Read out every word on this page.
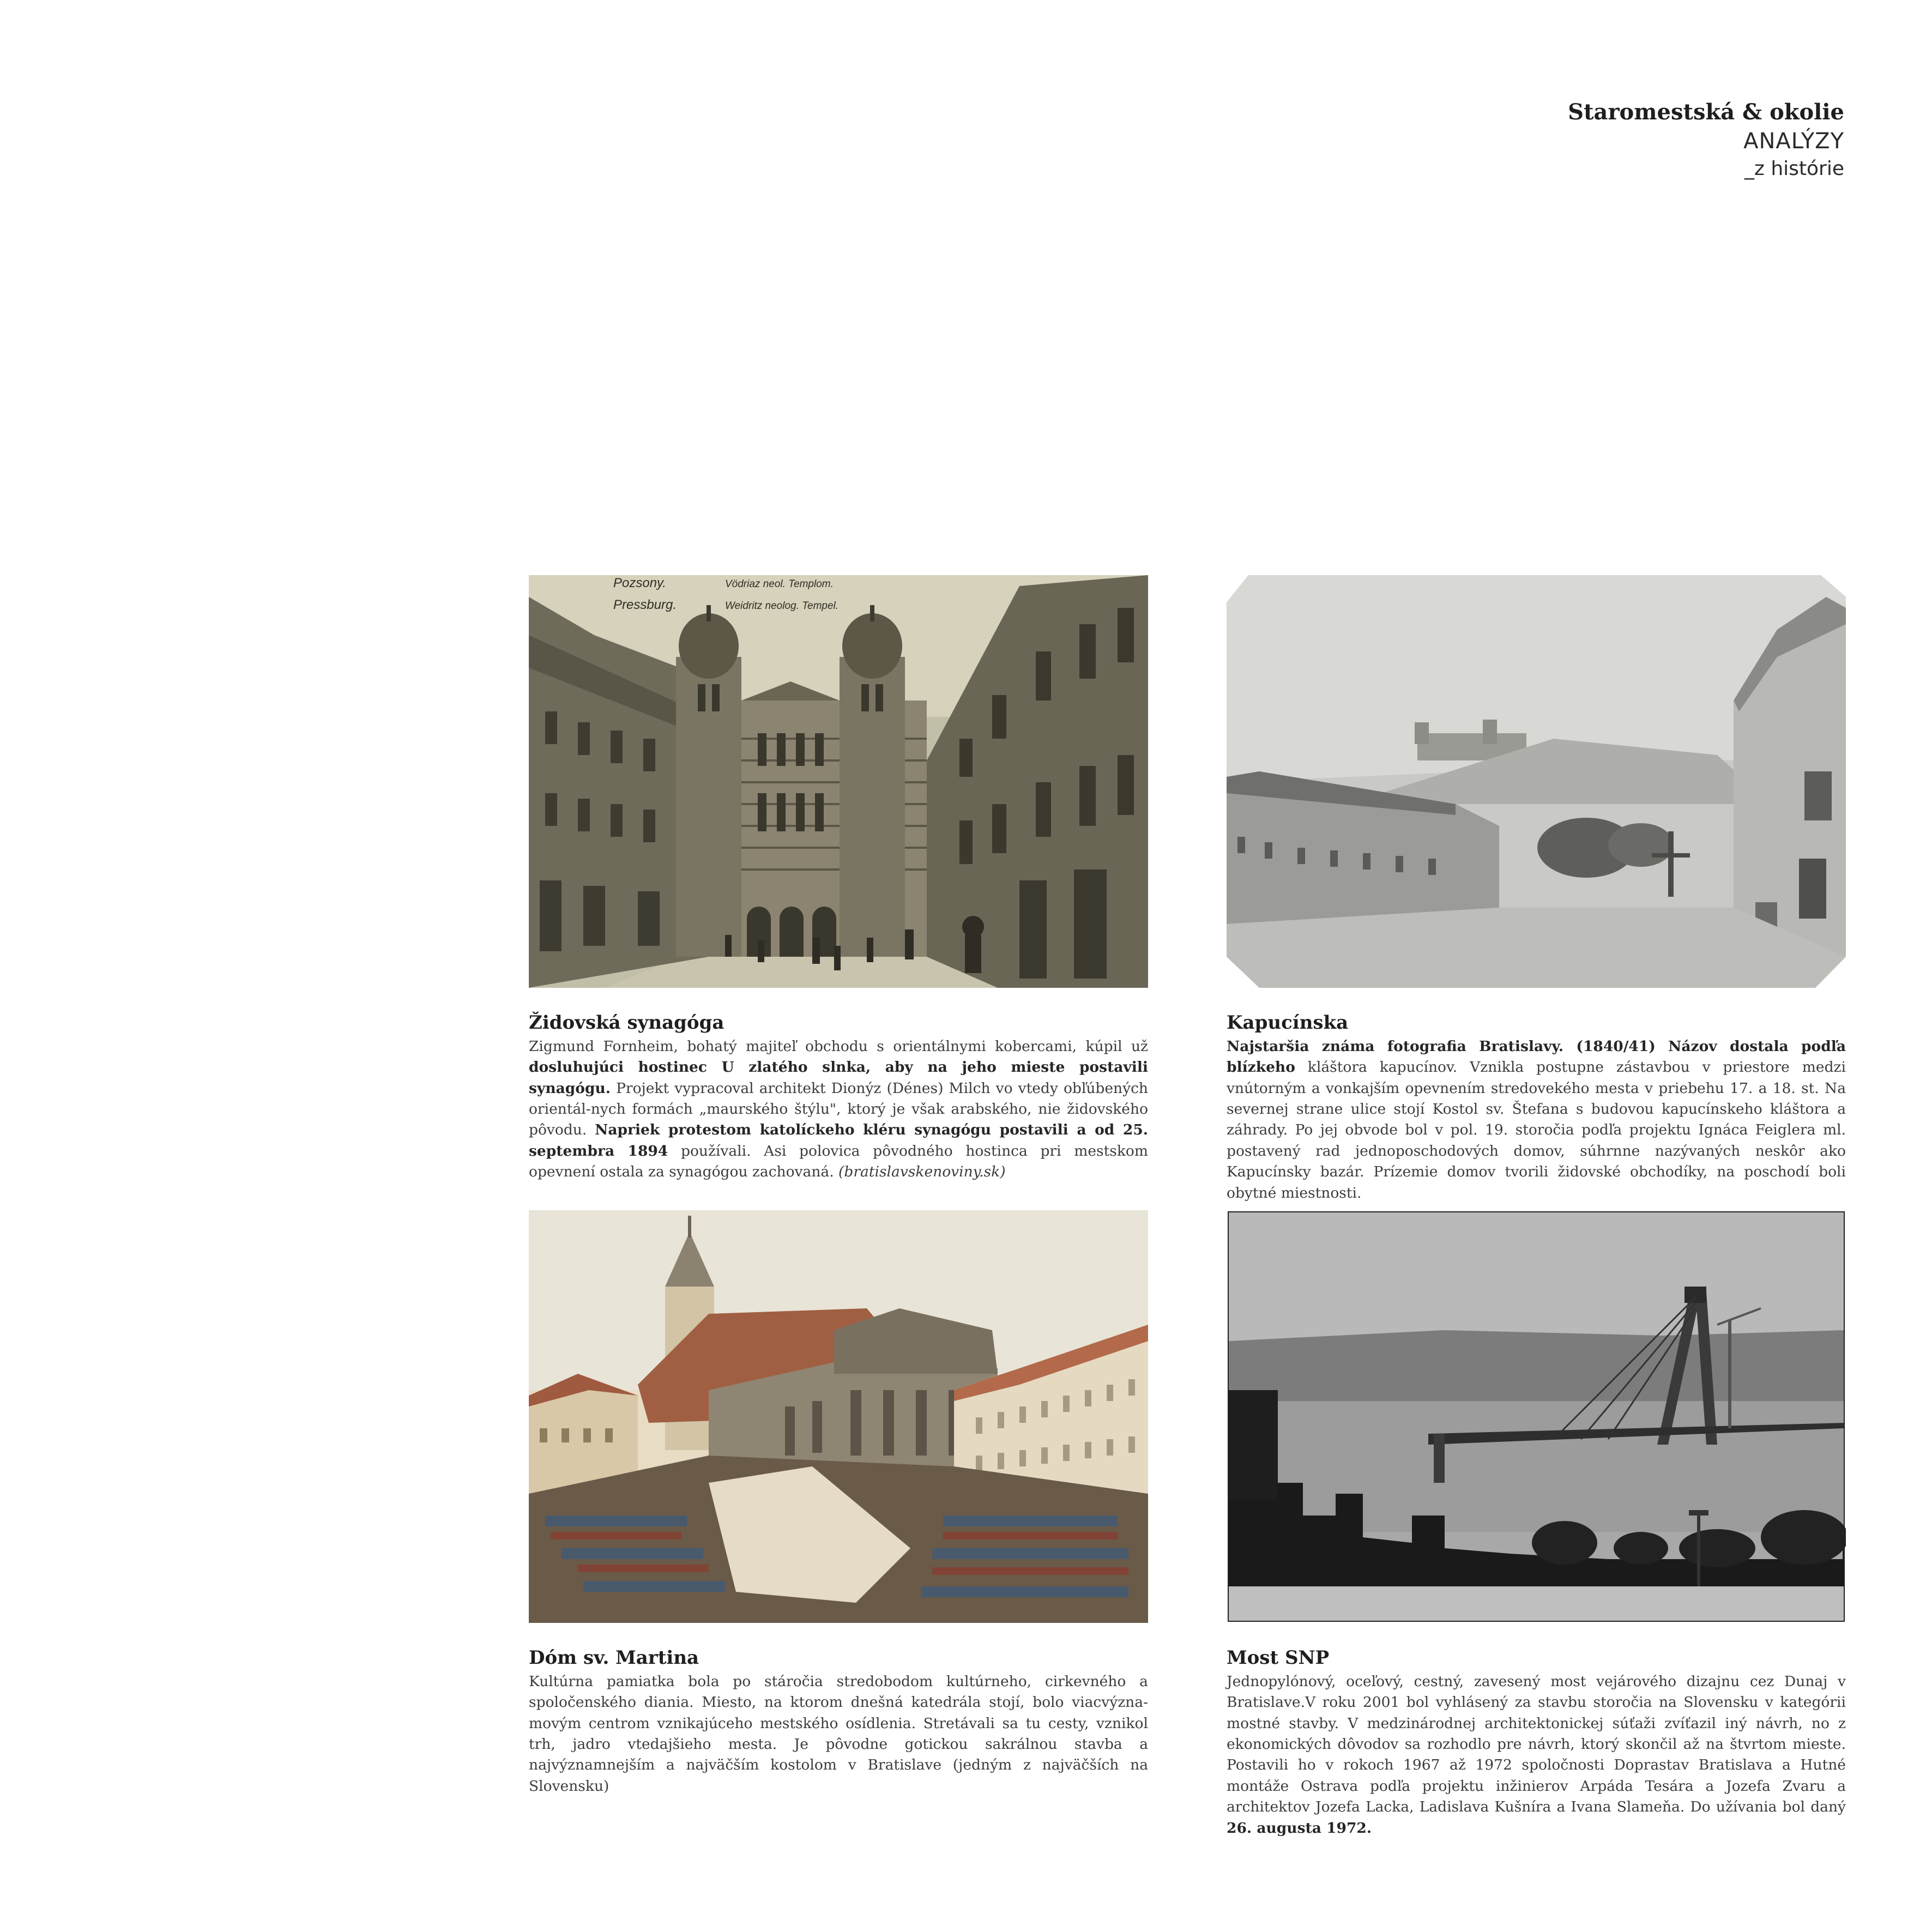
Staromestská & okolie
ANALÝZY
_z histórie
Pozsony.
Pressburg.
Vödriaz neol. Templom.
Weidritz neolog. Tempel.
Židovská synagóga

Zigmund Fornheim, bohatý majiteľ obchodu s orientálnymi kobercami, kúpil už dosluhujúci hostinec U zlatého slnka, aby na jeho mieste postavili synagógu. Projekt vypracoval architekt Dionýz (Dénes) Milch vo vtedy obľúbených orientál-nych formách „maurského štýlu", ktorý je však arabského, nie židovského pôvodu. Napriek protestom katolíckeho kléru synagógu postavili a od 25. septembra 1894 používali. Asi polovica pôvodného hostinca pri mestskom opevnení ostala za synagógou zachovaná. (bratislavskenoviny.sk)

Kapucínska

Najstaršia známa fotografia Bratislavy. (1840/41) Názov dostala podľa blízkeho kláštora kapucínov. Vznikla postupne zástavbou v priestore medzi vnútorným a vonkajším opevnením stredovekého mesta v priebehu 17. a 18. st. Na severnej strane ulice stojí Kostol sv. Štefana s budovou kapucínskeho kláštora a záhrady. Po jej obvode bol v pol. 19. storočia podľa projektu Ignáca Feiglera ml. postavený rad jednoposchodových domov, súhrnne nazývaných neskôr ako Kapucínsky bazár. Prízemie domov tvorili židovské obchodíky, na poschodí boli obytné miestnosti.

Dóm sv. Martina

Kultúrna pamiatka bola po stáročia stredobodom kultúrneho, cirkevného a spoločenského diania. Miesto, na ktorom dnešná katedrála stojí, bolo viacvýzna-movým centrom vznikajúceho mestského osídlenia. Stretávali sa tu cesty, vznikol trh, jadro vtedajšieho mesta. Je pôvodne gotickou sakrálnou stavba a najvýznamnejším a najväčším kostolom v Bratislave (jedným z najväčších na Slovensku)

Most SNP

Jednopylónový, oceľový, cestný, zavesený most vejárového dizajnu cez Dunaj v Bratislave.V roku 2001 bol vyhlásený za stavbu storočia na Slovensku v kategórii mostné stavby. V medzinárodnej architektonickej súťaži zvíťazil iný návrh, no z ekonomických dôvodov sa rozhodlo pre návrh, ktorý skončil až na štvrtom mieste. Postavili ho v rokoch 1967 až 1972 spoločnosti Doprastav Bratislava a Hutné montáže Ostrava podľa projektu inžinierov Arpáda Tesára a Jozefa Zvaru a architektov Jozefa Lacka, Ladislava Kušníra a Ivana Slameňa. Do užívania bol daný 26. augusta 1972.
